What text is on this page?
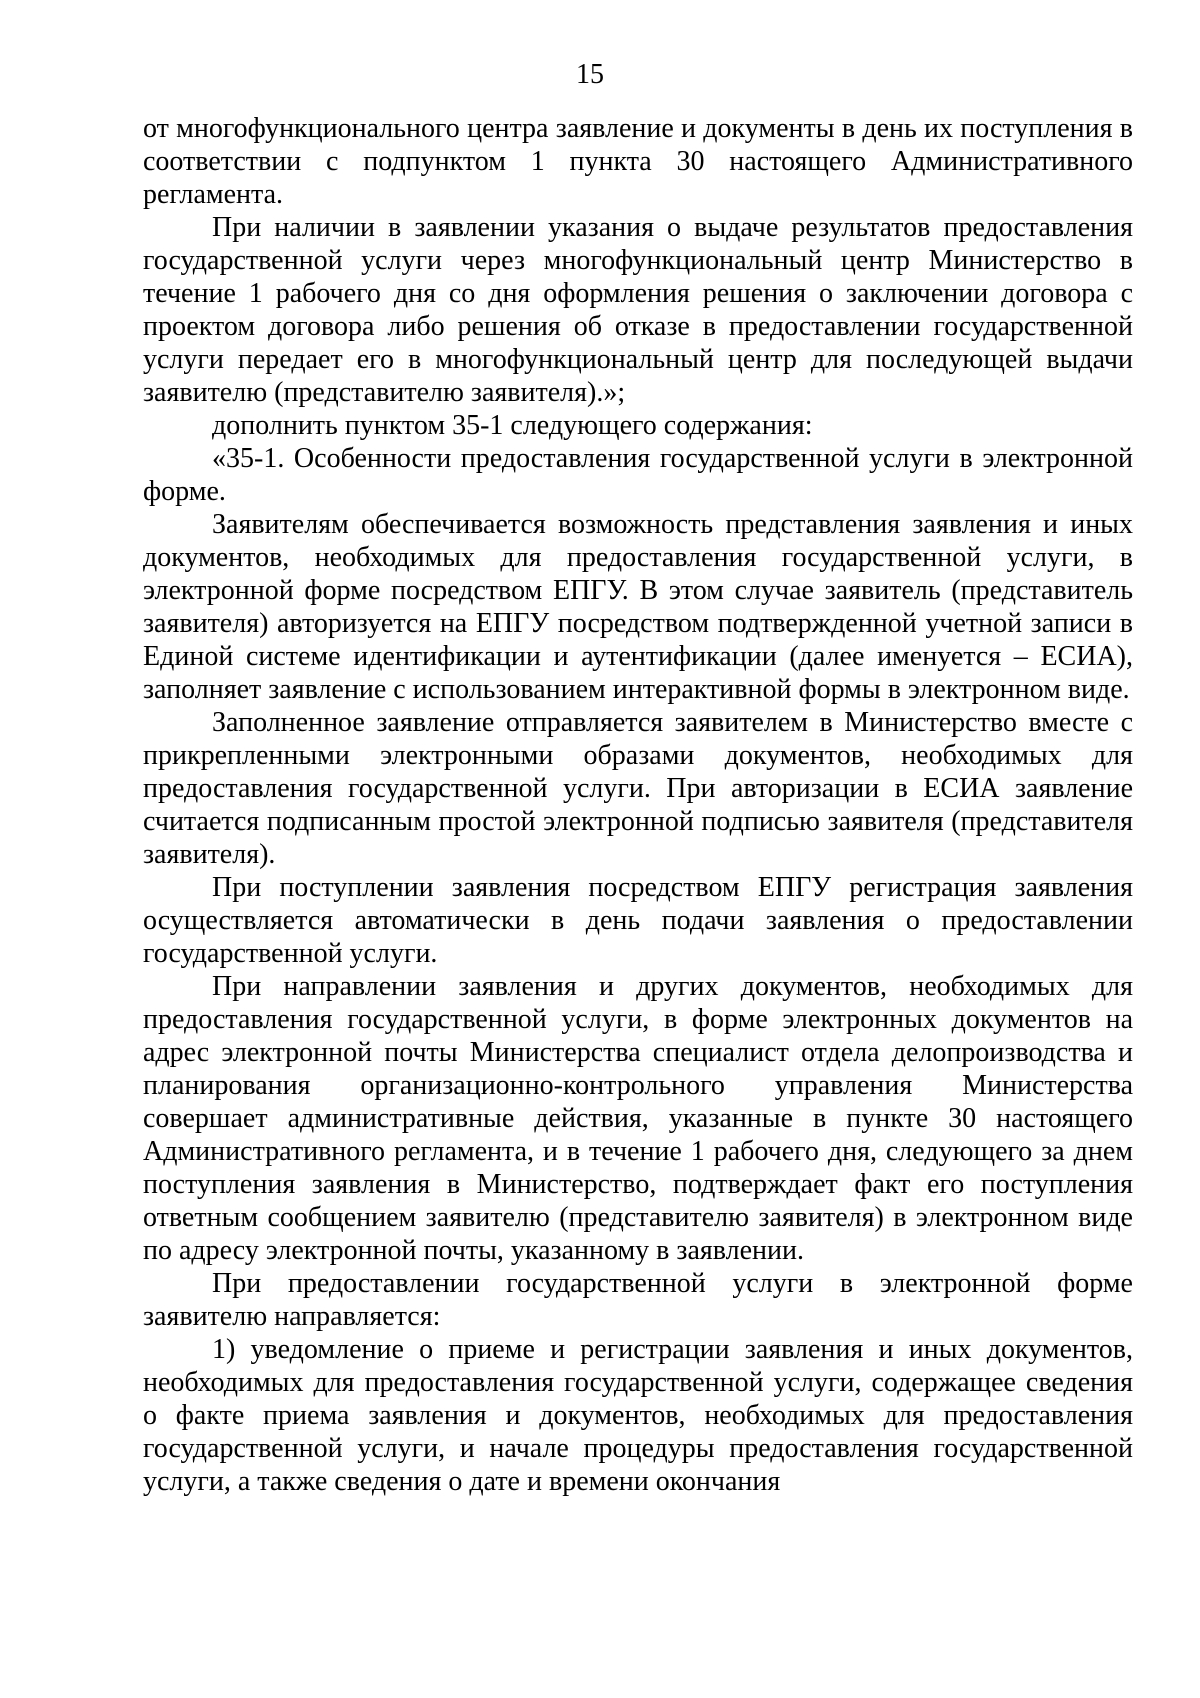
15

от многофункционального центра заявление и документы в день их поступления в соответствии с подпунктом 1 пункта 30 настоящего Административного регламента.

При наличии в заявлении указания о выдаче результатов предоставления государственной услуги через многофункциональный центр Министерство в течение 1 рабочего дня со дня оформления решения о заключении договора с проектом договора либо решения об отказе в предоставлении государственной услуги передает его в многофункциональный центр для последующей выдачи заявителю (представителю заявителя).»;

дополнить пунктом 35-1 следующего содержания:

«35-1. Особенности предоставления государственной услуги в электронной форме.

Заявителям обеспечивается возможность представления заявления и иных документов, необходимых для предоставления государственной услуги, в электронной форме посредством ЕПГУ. В этом случае заявитель (представитель заявителя) авторизуется на ЕПГУ посредством подтвержденной учетной записи в Единой системе идентификации и аутентификации (далее именуется – ЕСИА), заполняет заявление с использованием интерактивной формы в электронном виде.

Заполненное заявление отправляется заявителем в Министерство вместе с прикрепленными электронными образами документов, необходимых для предоставления государственной услуги. При авторизации в ЕСИА заявление считается подписанным простой электронной подписью заявителя (представителя заявителя).

При поступлении заявления посредством ЕПГУ регистрация заявления осуществляется автоматически в день подачи заявления о предоставлении государственной услуги.

При направлении заявления и других документов, необходимых для предоставления государственной услуги, в форме электронных документов на адрес электронной почты Министерства специалист отдела делопроизводства и планирования организационно-контрольного управления Министерства совершает административные действия, указанные в пункте 30 настоящего Административного регламента, и в течение 1 рабочего дня, следующего за днем поступления заявления в Министерство, подтверждает факт его поступления ответным сообщением заявителю (представителю заявителя) в электронном виде по адресу электронной почты, указанному в заявлении.

При предоставлении государственной услуги в электронной форме заявителю направляется:

1) уведомление о приеме и регистрации заявления и иных документов, необходимых для предоставления государственной услуги, содержащее сведения о факте приема заявления и документов, необходимых для предоставления государственной услуги, и начале процедуры предоставления государственной услуги, а также сведения о дате и времени окончания
